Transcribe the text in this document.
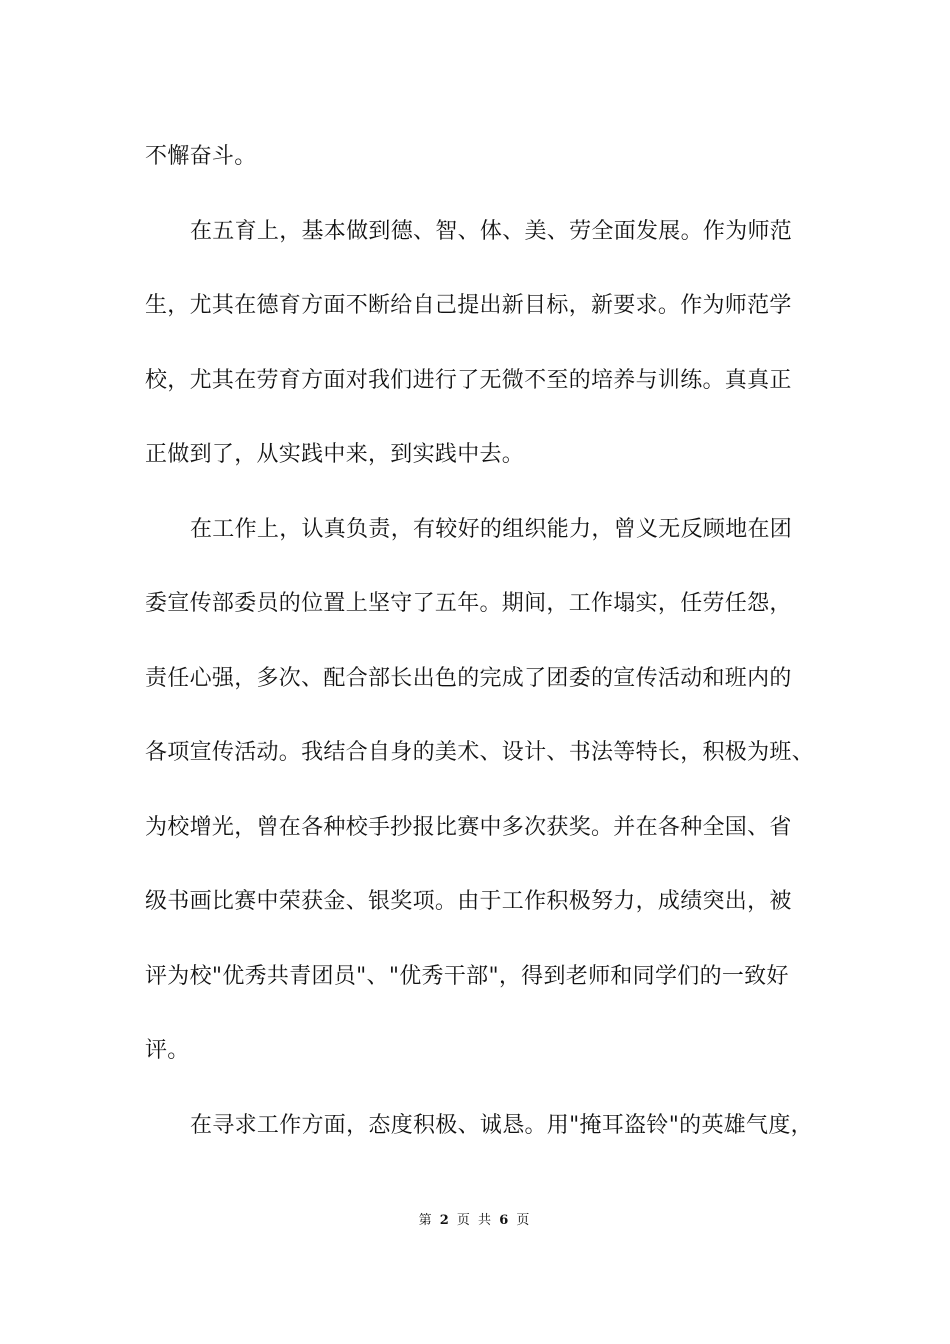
不懈奋斗。
在五育上，基本做到德、智、体、美、劳全面发展。作为师范
生，尤其在德育方面不断给自己提出新目标，新要求。作为师范学
校，尤其在劳育方面对我们进行了无微不至的培养与训练。真真正
正做到了，从实践中来，到实践中去。
在工作上，认真负责，有较好的组织能力，曾义无反顾地在团
委宣传部委员的位置上坚守了五年。期间，工作塌实，任劳任怨，
责任心强，多次、配合部长出色的完成了团委的宣传活动和班内的
各项宣传活动。我结合自身的美术、设计、书法等特长，积极为班、
为校增光，曾在各种校手抄报比赛中多次获奖。并在各种全国、省
级书画比赛中荣获金、银奖项。由于工作积极努力，成绩突出，被
评为校"优秀共青团员"、"优秀干部"，得到老师和同学们的一致好
评。
在寻求工作方面，态度积极、诚恳。用"掩耳盗铃"的英雄气度，
第 2 页 共 6 页
